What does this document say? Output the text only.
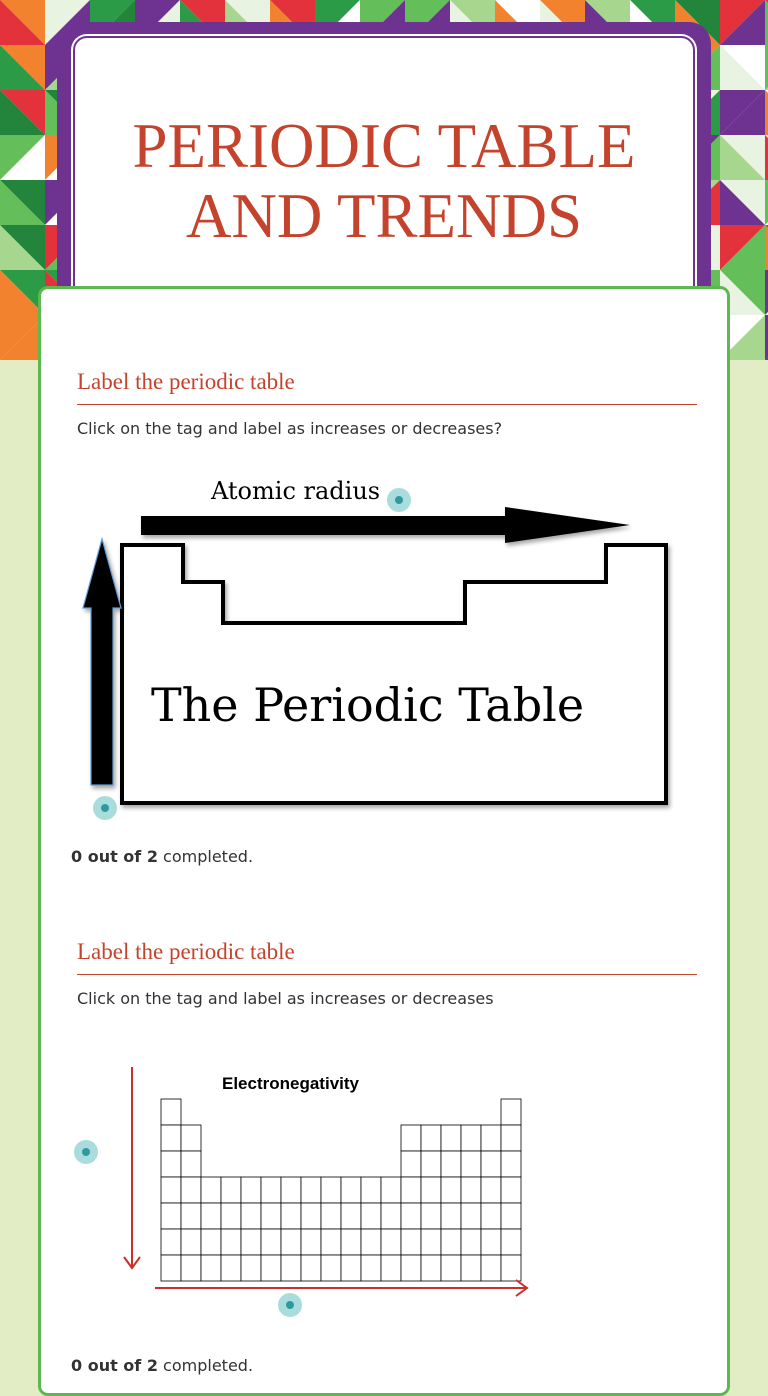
PERIODIC TABLE
AND TRENDS
Label the periodic table

Click on the tag and label as increases or decreases?

The Periodic Table
Atomic radius

0 out of 2 completed.

Label the periodic table

Click on the tag and label as increases or decreases

Electronegativity

0 out of 2 completed.
